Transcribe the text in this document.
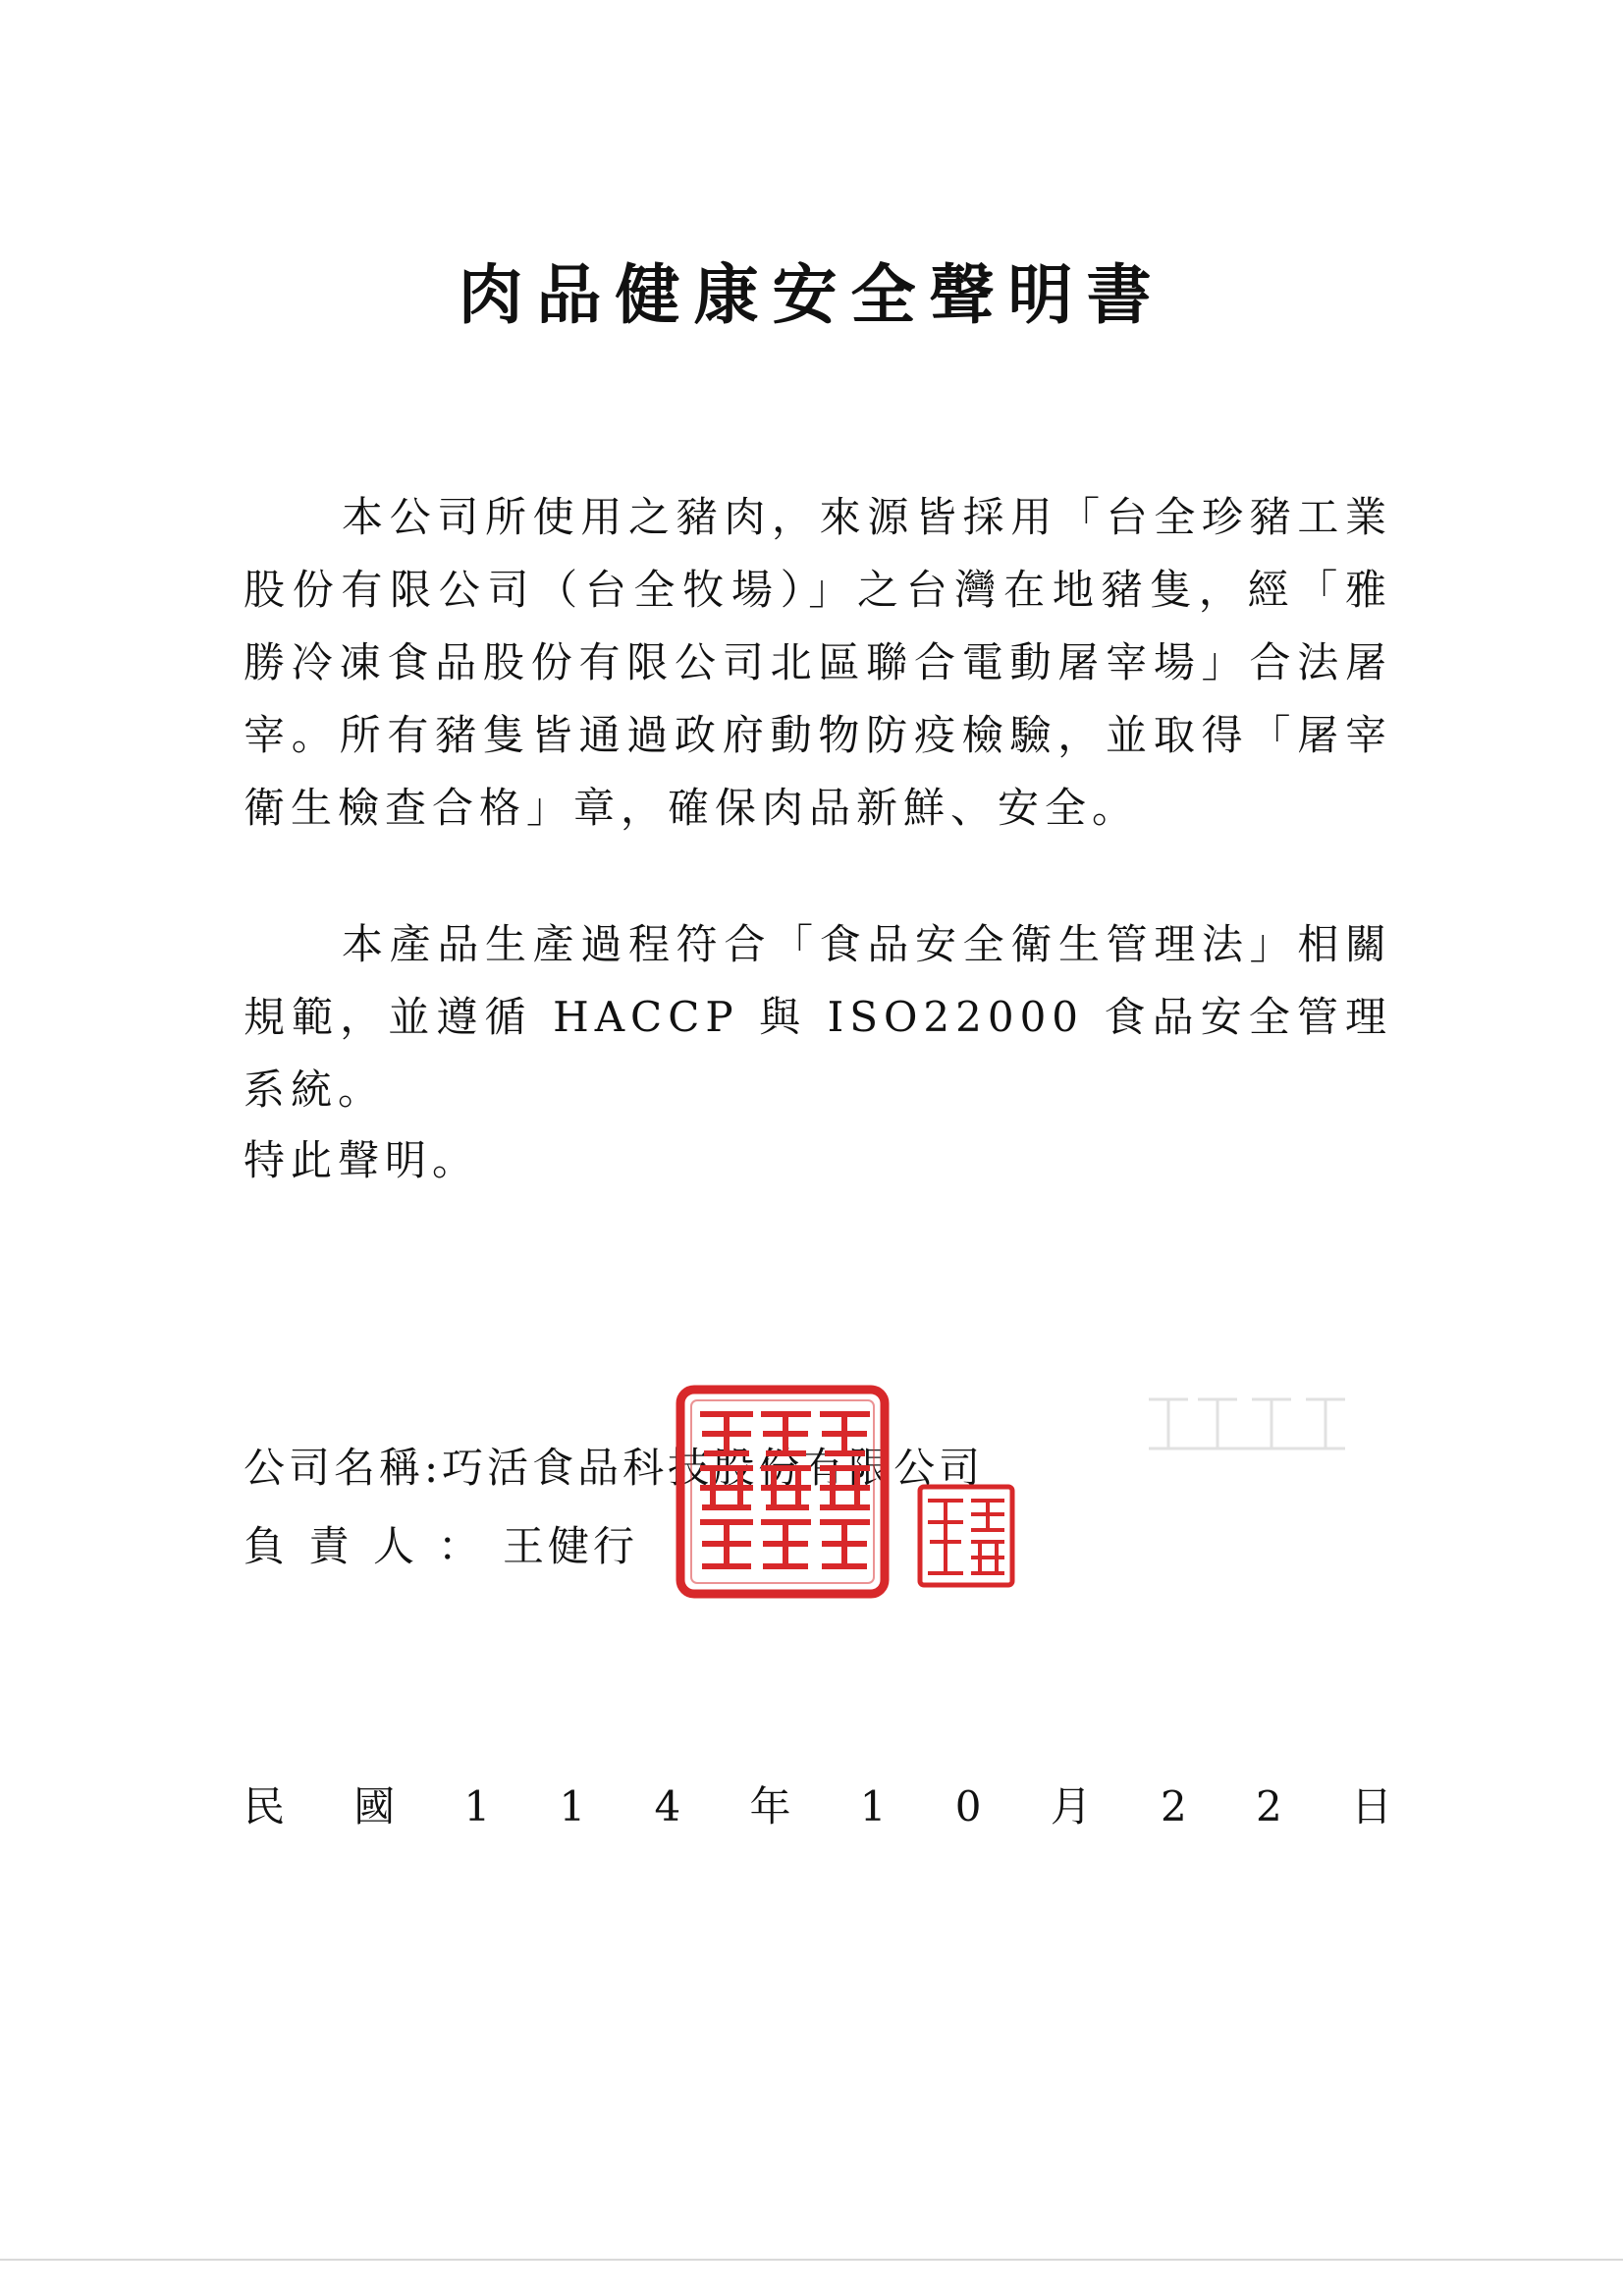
肉品健康安全聲明書

本公司所使用之豬肉，來源皆採用「台全珍豬工業股份有限公司（台全牧場）」之台灣在地豬隻，經「雅勝冷凍食品股份有限公司北區聯合電動屠宰場」合法屠宰。所有豬隻皆通過政府動物防疫檢驗，並取得「屠宰衛生檢查合格」章，確保肉品新鮮、安全。

本產品生產過程符合「食品安全衛生管理法」相關規範，並遵循 HACCP 與 ISO22000 食品安全管理系統。

特此聲明。
公司名稱:巧活食品科技股份有限公司
負責人：王健行
民 國 1 1 4 年 1 0 月 2 2 日
